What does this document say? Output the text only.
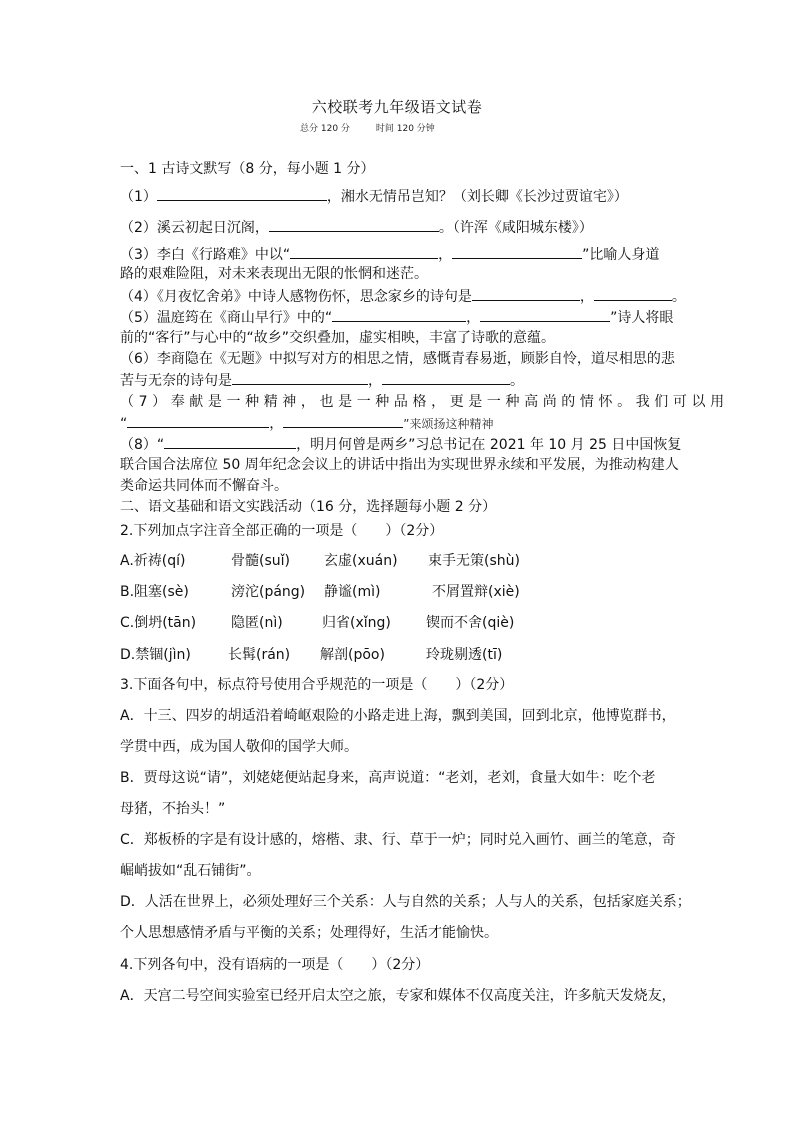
六校联考九年级语文试卷
总分 120 分	时间 120 分钟
一、1 古诗文默写（8 分，每小题 1 分）
（1）	，湘水无情吊岂知？（刘长卿《长沙过贾谊宅》）
（2）溪云初起日沉阁，	。（许浑《咸阳城东楼》）
（3）李白《行路难》中以“	，	”比喻人身道
路的艰难险阻，对未来表现出无限的怅惘和迷茫。
（4）《月夜忆舍弟》中诗人感物伤怀，思念家乡的诗句是	，	。
（5）温庭筠在《商山早行》中的“	，	”诗人将眼
前的“客行”与心中的“故乡”交织叠加，虚实相映，丰富了诗歌的意蕴。
（6）李商隐在《无题》中拟写对方的相思之情，感慨青春易逝，顾影自怜，道尽相思的悲
苦与无奈的诗句是	，	。
（7）奉献是一种精神，也是一种品格，更是一种高尚的情怀。我们可以用
“	，	”来颂扬这种精神
（8）“	，明月何曾是两乡”习总书记在 2021 年 10 月 25 日中国恢复
联合国合法席位 50 周年纪念会议上的讲话中指出为实现世界永续和平发展，为推动构建人
类命运共同体而不懈奋斗。
二、语文基础和语文实践活动（16 分，选择题每小题 2 分）
2.下列加点字注音全部正确的一项是（　　）（2分）
A.祈祷(qí)	骨髓(suǐ) 玄虚(xuán) 束手无策(shù)
B.阻塞(sè)	滂沱(páng) 静谧(mì)	不屑置辩(xiè)
C.倒坍(tān) 隐匿(nì)	归省(xǐng)	锲而不舍(qiè)
D.禁锢(jìn)	长髯(rán) 解剖(pōo)	玲珑剔透(tī)
3.下面各句中，标点符号使用合乎规范的一项是（　　）（2分）
A．十三、四岁的胡适沿着崎岖艰险的小路走进上海，飘到美国，回到北京，他博览群书，
学贯中西，成为国人敬仰的国学大师。
B．贾母这说“请”，刘姥姥便站起身来，高声说道：“老刘，老刘，食量大如牛：吃个老
母猪，不抬头！”
C．郑板桥的字是有设计感的，熔楷、隶、行、草于一炉；同时兑入画竹、画兰的笔意，奇
崛峭拔如“乱石铺街”。
D．人活在世界上，必须处理好三个关系：人与自然的关系；人与人的关系，包括家庭关系；
个人思想感情矛盾与平衡的关系；处理得好，生活才能愉快。
4.下列各句中，没有语病的一项是（　　）（2分）
A．天宫二号空间实验室已经开启太空之旅，专家和媒体不仅高度关注，许多航天发烧友，
